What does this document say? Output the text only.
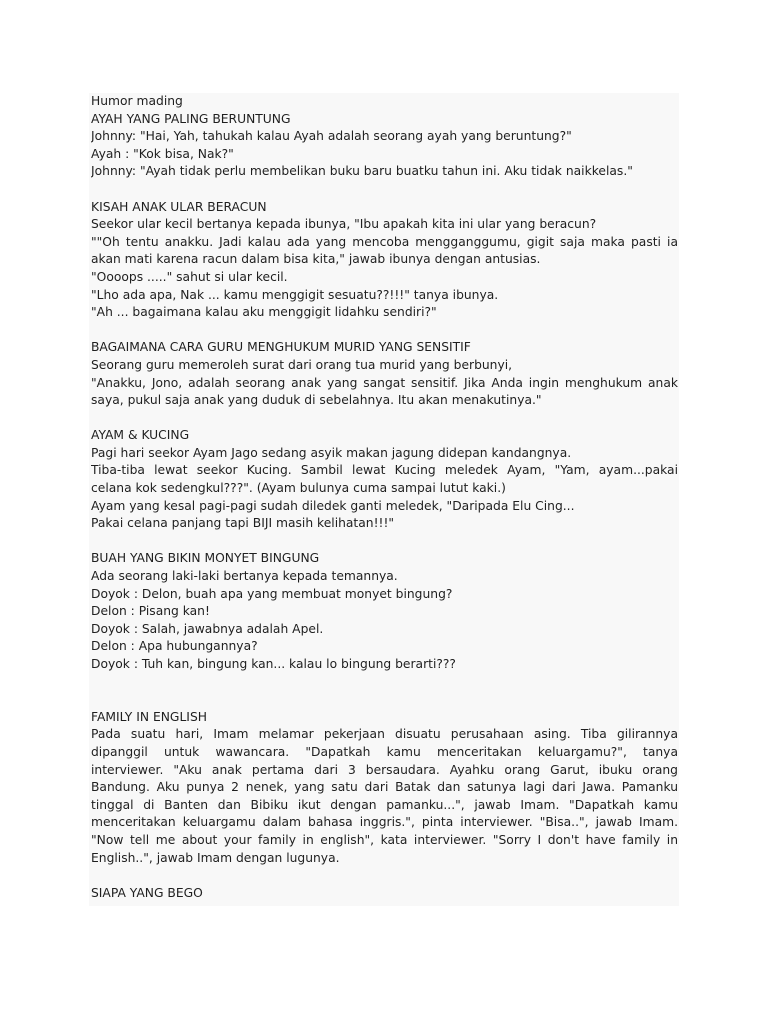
Humor mading
AYAH YANG PALING BERUNTUNG
Johnny: "Hai, Yah, tahukah kalau Ayah adalah seorang ayah yang beruntung?"
Ayah : "Kok bisa, Nak?"
Johnny: "Ayah tidak perlu membelikan buku baru buatku tahun ini. Aku tidak naikkelas."
KISAH ANAK ULAR BERACUN
Seekor ular kecil bertanya kepada ibunya, "Ibu apakah kita ini ular yang beracun?
""Oh tentu anakku. Jadi kalau ada yang mencoba mengganggumu, gigit saja maka pasti ia
akan mati karena racun dalam bisa kita," jawab ibunya dengan antusias.
"Oooops ....." sahut si ular kecil.
"Lho ada apa, Nak ... kamu menggigit sesuatu??!!!" tanya ibunya.
"Ah ... bagaimana kalau aku menggigit lidahku sendiri?"
BAGAIMANA CARA GURU MENGHUKUM MURID YANG SENSITIF
Seorang guru memeroleh surat dari orang tua murid yang berbunyi,
"Anakku, Jono, adalah seorang anak yang sangat sensitif. Jika Anda ingin menghukum anak
saya, pukul saja anak yang duduk di sebelahnya. Itu akan menakutinya."
AYAM & KUCING
Pagi hari seekor Ayam Jago sedang asyik makan jagung didepan kandangnya.
Tiba-tiba lewat seekor Kucing. Sambil lewat Kucing meledek Ayam, "Yam, ayam...pakai
celana kok sedengkul???". (Ayam bulunya cuma sampai lutut kaki.)
Ayam yang kesal pagi-pagi sudah diledek ganti meledek, "Daripada Elu Cing...
Pakai celana panjang tapi BIJI masih kelihatan!!!"
BUAH YANG BIKIN MONYET BINGUNG
Ada seorang laki-laki bertanya kepada temannya.
Doyok : Delon, buah apa yang membuat monyet bingung?
Delon : Pisang kan!
Doyok : Salah, jawabnya adalah Apel.
Delon : Apa hubungannya?
Doyok : Tuh kan, bingung kan... kalau lo bingung berarti???
FAMILY IN ENGLISH
Pada suatu hari, Imam melamar pekerjaan disuatu perusahaan asing. Tiba gilirannya
dipanggil untuk wawancara. "Dapatkah kamu menceritakan keluargamu?", tanya
interviewer. "Aku anak pertama dari 3 bersaudara. Ayahku orang Garut, ibuku orang
Bandung. Aku punya 2 nenek, yang satu dari Batak dan satunya lagi dari Jawa. Pamanku
tinggal di Banten dan Bibiku ikut dengan pamanku...", jawab Imam. "Dapatkah kamu
menceritakan keluargamu dalam bahasa inggris.", pinta interviewer. "Bisa..", jawab Imam.
"Now tell me about your family in english", kata interviewer. "Sorry I don't have family in
English..", jawab Imam dengan lugunya.
SIAPA YANG BEGO
